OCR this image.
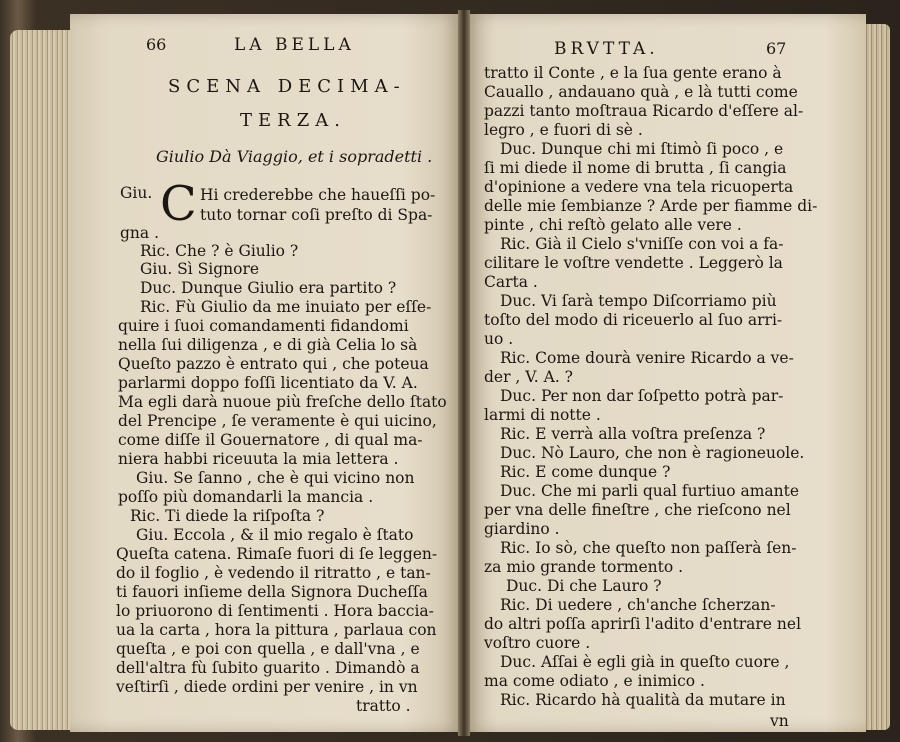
66	LA BELLA
SCENA DECIMA-
TERZA.
Giulio Dà Viaggio, et i sopradetti .
C
Giu.	Hi crederebbe che haueſſi po-
tuto tornar coſi preſto di Spa-
gna .
Ric. Che ? è Giulio ?
Giu. Sì Signore
Duc. Dunque Giulio era partito ?
Ric. Fù Giulio da me inuiato per eſſe-
quire i ſuoi comandamenti fidandomi
nella ſui diligenza , e di già Celia lo sà
Queſto pazzo è entrato qui , che poteua
parlarmi doppo foſſi licentiato da V. A.
Ma egli darà nuoue più freſche dello ſtato
del Prencipe , ſe veramente è qui uicino,
come diſſe il Gouernatore , di qual ma-
niera habbi riceuuta la mia lettera .
Giu. Se ſanno , che è qui vicino non
poſſo più domandarli la mancia .
Ric. Ti diede la riſpoſta ?
Giu. Eccola , & il mio regalo è ſtato
Queſta catena. Rimaſe fuori di ſe leggen-
do il foglio , è vedendo il ritratto , e tan-
ti fauori inſieme della Signora Ducheſſa
lo priuorono di ſentimenti . Hora baccia-
ua la carta , hora la pittura , parlaua con
queſta , e poi con quella , e dall'vna , e
dell'altra fù ſubito guarito . Dimandò a
veſtirſi , diede ordini per venire , in vn
tratto .
BRVTTA.	67
tratto il Conte , e la ſua gente erano à
Cauallo , andauano quà , e là tutti come
pazzi tanto moſtraua Ricardo d'eſſere al-
legro , e fuori di sè .
Duc. Dunque chi mi ſtimò ſi poco , e
ſi mi diede il nome di brutta , ſi cangia
d'opinione a vedere vna tela ricuoperta
delle mie ſembianze ? Arde per fiamme di-
pinte , chi reſtò gelato alle vere .
Ric. Già il Cielo s'vniſſe con voi a fa-
cilitare le voſtre vendette . Leggerò la
Carta .
Duc. Vi ſarà tempo Diſcorriamo più
toſto del modo di riceuerlo al ſuo arri-
uo .
Ric. Come dourà venire Ricardo a ve-
der , V. A. ?
Duc. Per non dar ſoſpetto potrà par-
larmi di notte .
Ric. E verrà alla voſtra preſenza ?
Duc. Nò Lauro, che non è ragioneuole.
Ric. E come dunque ?
Duc. Che mi parli qual furtiuo amante
per vna delle fineſtre , che rieſcono nel
giardino .
Ric. Io sò, che queſto non paſſerà ſen-
za mio grande tormento .
Duc. Di che Lauro ?
Ric. Di uedere , ch'anche ſcherzan-
do altri poſſa aprirſi l'adito d'entrare nel
voſtro cuore .
Duc. Aſſai è egli già in queſto cuore ,
ma come odiato , e inimico .
Ric. Ricardo hà qualità da mutare in
vn
